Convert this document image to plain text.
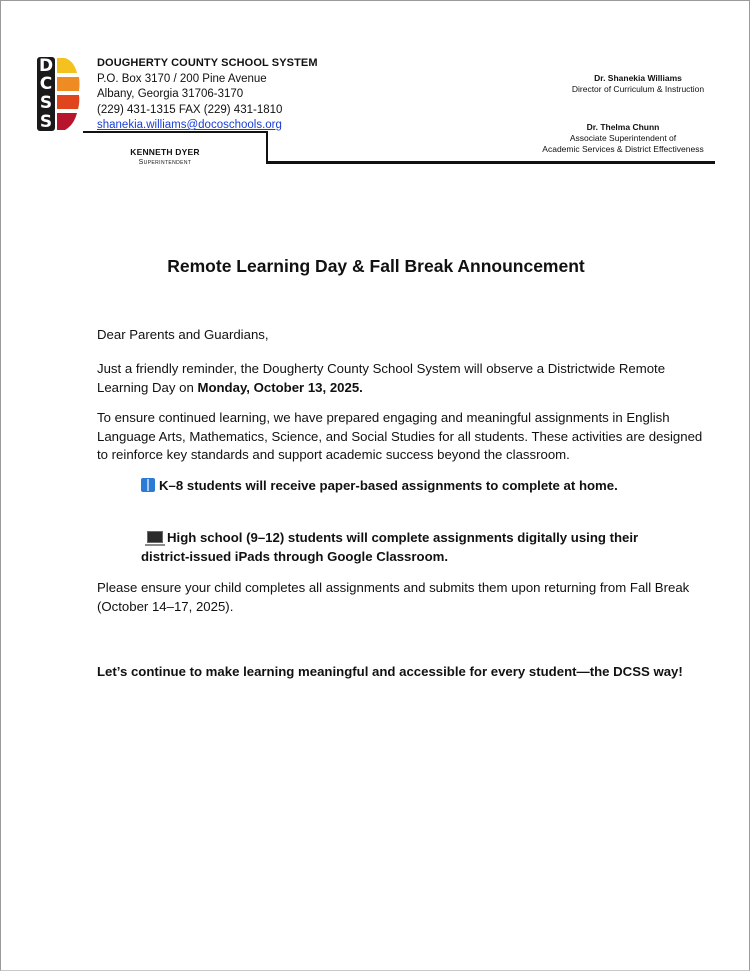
D
C
S
S
DOUGHERTY COUNTY SCHOOL SYSTEM
P.O. Box 3170 / 200 Pine Avenue
Albany, Georgia 31706-3170
(229) 431-1315 FAX (229) 431-1810
shanekia.williams@docoschools.org
KENNETH DYER
Superintendent
Dr. Shanekia Williams
Director of Curriculum & Instruction
Dr. Thelma Chunn
Associate Superintendent of
Academic Services & District Effectiveness
Remote Learning Day & Fall Break Announcement
Dear Parents and Guardians,
Just a friendly reminder, the Dougherty County School System will observe a Districtwide Remote Learning Day on Monday, October 13, 2025.
To ensure continued learning, we have prepared engaging and meaningful assignments in English Language Arts, Mathematics, Science, and Social Studies for all students. These activities are designed to reinforce key standards and support academic success beyond the classroom.
K–8 students will receive paper-based assignments to complete at home.
High school (9–12) students will complete assignments digitally using their district-issued iPads through Google Classroom.
Please ensure your child completes all assignments and submits them upon returning from Fall Break (October 14–17, 2025).
Let’s continue to make learning meaningful and accessible for every student—the DCSS way!
